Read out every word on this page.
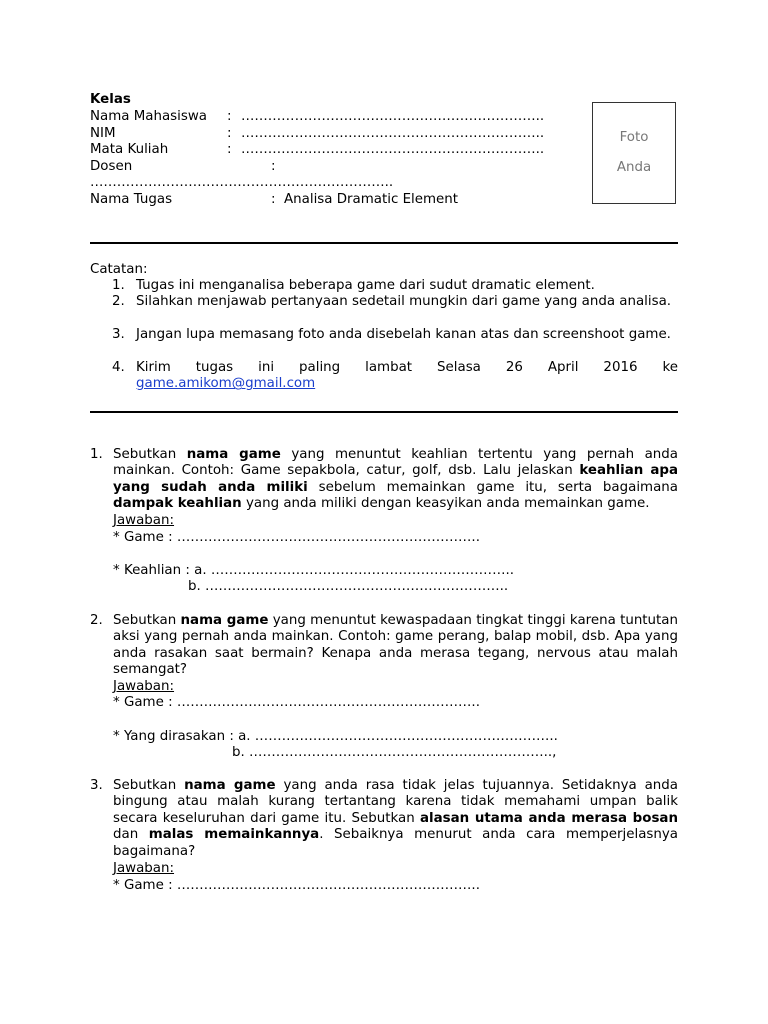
Kelas
Nama Mahasiswa : …………………………………………………………..
NIM	: …………………………………………………………..
Mata Kuliah	: …………………………………………………………..
Dosen	:
…………………………………………………………..
Nama Tugas	: Analisa Dramatic Element
Foto
Anda
Catatan:
1. Tugas ini menganalisa beberapa game dari sudut dramatic element.
2. Silahkan menjawab pertanyaan sedetail mungkin dari game yang anda analisa.
3. Jangan lupa memasang foto anda disebelah kanan atas dan screenshoot game.
4. Kirim tugas ini paling lambat Selasa 26 April 2016 ke
game.amikom@gmail.com
1. Sebutkan nama game yang menuntut keahlian tertentu yang pernah anda mainkan. Contoh: Game sepakbola, catur, golf, dsb. Lalu jelaskan keahlian apa yang sudah anda miliki sebelum memainkan game itu, serta bagaimana dampak keahlian yang anda miliki dengan keasyikan anda memainkan game.
Jawaban:
* Game : …………………………………………………………..
* Keahlian : a. …………………………………………………………..
b. …………………………………………………………..
2. Sebutkan nama game yang menuntut kewaspadaan tingkat tinggi karena tuntutan aksi yang pernah anda mainkan. Contoh: game perang, balap mobil, dsb. Apa yang anda rasakan saat bermain? Kenapa anda merasa tegang, nervous atau malah semangat?
Jawaban:
* Game : …………………………………………………………..
* Yang dirasakan : a. …………………………………………………………..
b. …………………………………………………………..,
3. Sebutkan nama game yang anda rasa tidak jelas tujuannya. Setidaknya anda bingung atau malah kurang tertantang karena tidak memahami umpan balik secara keseluruhan dari game itu. Sebutkan alasan utama anda merasa bosan dan malas memainkannya. Sebaiknya menurut anda cara memperjelasnya bagaimana?
Jawaban:
* Game : …………………………………………………………..
